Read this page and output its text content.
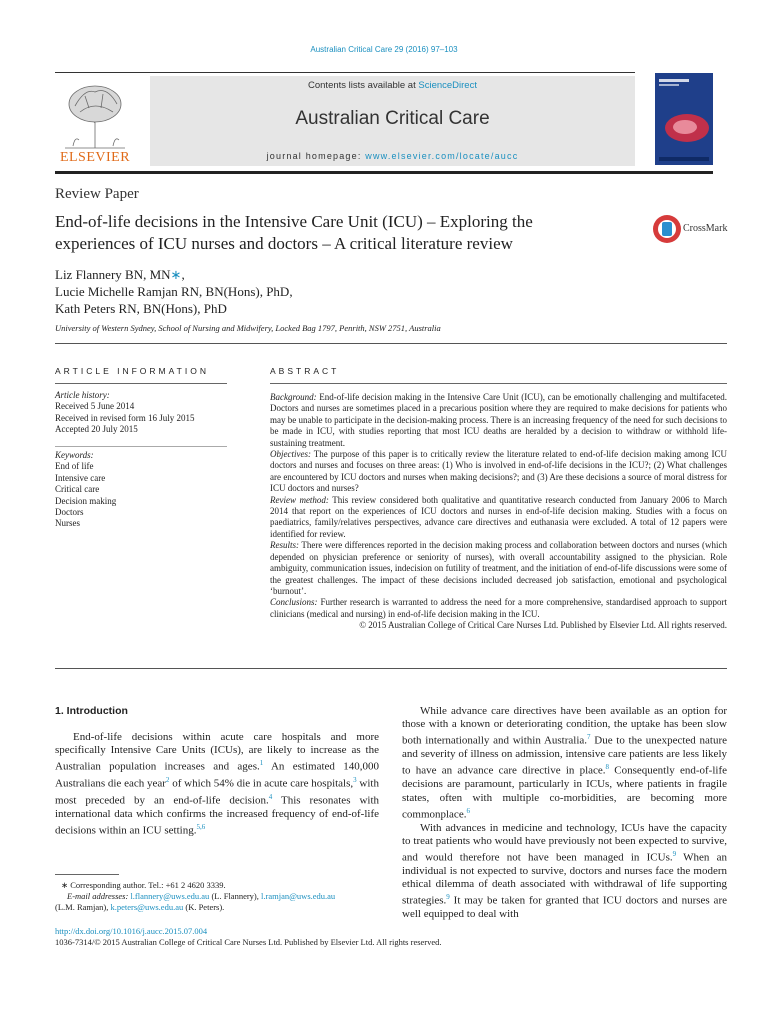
Australian Critical Care 29 (2016) 97–103
ELSEVIER
Contents lists available at ScienceDirect
Australian Critical Care
journal homepage: www.elsevier.com/locate/aucc
Review Paper
End-of-life decisions in the Intensive Care Unit (ICU) – Exploring the
experiences of ICU nurses and doctors – A critical literature review
CrossMark
Liz Flannery BN, MN∗,
Lucie Michelle Ramjan RN, BN(Hons), PhD,
Kath Peters RN, BN(Hons), PhD
University of Western Sydney, School of Nursing and Midwifery, Locked Bag 1797, Penrith, NSW 2751, Australia
ARTICLE INFORMATION
Article history:
Received 5 June 2014
Received in revised form 16 July 2015
Accepted 20 July 2015
Keywords:
End of life
Intensive care
Critical care
Decision making
Doctors
Nurses
ABSTRACT
Background: End-of-life decision making in the Intensive Care Unit (ICU), can be emotionally challenging and multifaceted. Doctors and nurses are sometimes placed in a precarious position where they are required to make decisions for patients who may be unable to participate in the decision-making process. There is an increasing frequency of the need for such decisions to be made in ICU, with studies reporting that most ICU deaths are heralded by a decision to withdraw or withhold life-sustaining treatment.
Objectives: The purpose of this paper is to critically review the literature related to end-of-life decision making among ICU doctors and nurses and focuses on three areas: (1) Who is involved in end-of-life decisions in the ICU?; (2) What challenges are encountered by ICU doctors and nurses when making decisions?; and (3) Are these decisions a source of moral distress for ICU doctors and nurses?
Review method: This review considered both qualitative and quantitative research conducted from January 2006 to March 2014 that report on the experiences of ICU doctors and nurses in end-of-life decision making. Studies with a focus on paediatrics, family/relatives perspectives, advance care directives and euthanasia were excluded. A total of 12 papers were identified for review.
Results: There were differences reported in the decision making process and collaboration between doctors and nurses (which depended on physician preference or seniority of nurses), with overall accountability assigned to the physician. Role ambiguity, communication issues, indecision on futility of treatment, and the initiation of end-of-life discussions were some of the greatest challenges. The impact of these decisions included decreased job satisfaction, emotional and psychological ‘burnout’.
Conclusions: Further research is warranted to address the need for a more comprehensive, standardised approach to support clinicians (medical and nursing) in end-of-life decision making in the ICU.
© 2015 Australian College of Critical Care Nurses Ltd. Published by Elsevier Ltd. All rights reserved.
1. Introduction
End-of-life decisions within acute care hospitals and more specifically Intensive Care Units (ICUs), are likely to increase as the Australian population increases and ages.$^1$ An estimated 140,000 Australians die each year$^2$ of which 54% die in acute care hospitals,$^3$ with most preceded by an end-of-life decision.$^4$ This resonates with international data which confirms the increased frequency of end-of-life decisions within an ICU setting.$^{5,6}$
While advance care directives have been available as an option for those with a known or deteriorating condition, the uptake has been slow both internationally and within Australia.$^7$ Due to the unexpected nature and severity of illness on admission, intensive care patients are less likely to have an advance care directive in place.$^8$ Consequently end-of-life decisions are paramount, particularly in ICUs, where patients in fragile states, often with multiple co-morbidities, are becoming more commonplace.$^6$
With advances in medicine and technology, ICUs have the capacity to treat patients who would have previously not been expected to survive, and would therefore not have been managed in ICUs.$^9$ When an individual is not expected to survive, doctors and nurses face the modern ethical dilemma of death associated with withdrawal of life supporting strategies.$^9$ It may be taken for granted that ICU doctors and nurses are well equipped to deal with
∗ Corresponding author. Tel.: +61 2 4620 3339.
E-mail addresses: l.flannery@uws.edu.au (L. Flannery), l.ramjan@uws.edu.au
(L.M. Ramjan), k.peters@uws.edu.au (K. Peters).
http://dx.doi.org/10.1016/j.aucc.2015.07.004
1036-7314/© 2015 Australian College of Critical Care Nurses Ltd. Published by Elsevier Ltd. All rights reserved.
